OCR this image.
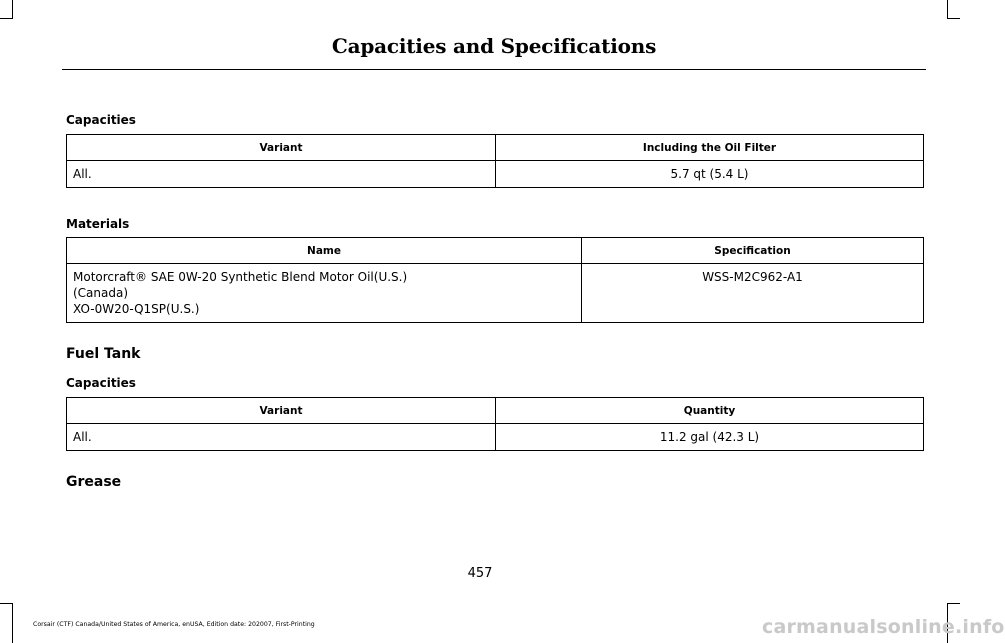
Capacities and Specifications
Capacities
Variant	Including the Oil Filter
All.	5.7 qt (5.4 L)
Materials
Name	Specification

Motorcraft® SAE 0W-20 Synthetic Blend Motor Oil(U.S.)
(Canada)
XO-0W20-Q1SP(U.S.)	WSS-M2C962-A1
Fuel Tank
Capacities
Variant	Quantity
All.	11.2 gal (42.3 L)
Grease
457
Corsair (CTF) Canada/United States of America, enUSA, Edition date: 202007, First-Printing	carmanualsonline.info
